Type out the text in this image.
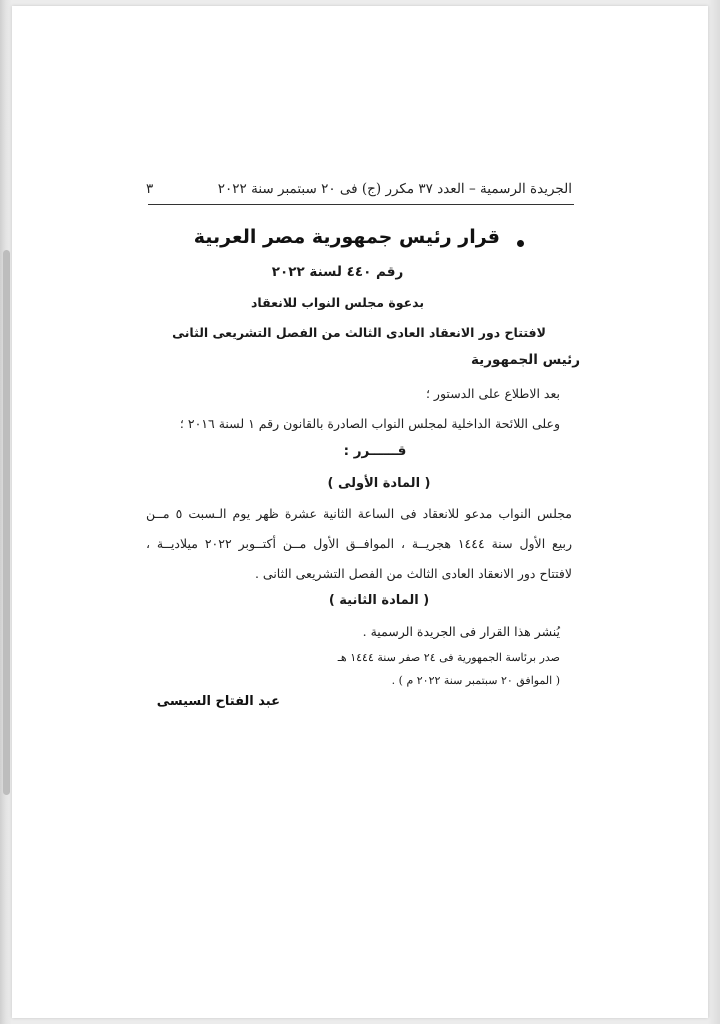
الجريدة الرسمية – العدد ٣٧ مكرر (ج) فى ٢٠ سبتمبر سنة ٢٠٢٢
٣
قرار رئيس جمهورية مصر العربية
رقم ٤٤٠ لسنة ٢٠٢٢
بدعوة مجلس النواب للانعقاد
لافتتاح دور الانعقاد العادى الثالث من الفصل التشريعى الثانى
رئيس الجمهورية
بعد الاطلاع على الدستور ؛
وعلى اللائحة الداخلية لمجلس النواب الصادرة بالقانون رقم ١ لسنة ٢٠١٦ ؛
قــــــرر :
( المادة الأولى )
مجلس النواب مدعو للانعقاد فى الساعة الثانية عشرة ظهر يوم الـسبت ٥ مــن
ربيع الأول سنة ١٤٤٤ هجريــة ، الموافــق الأول مــن أكتــوبر ٢٠٢٢ ميلاديــة ،
لافتتاح دور الانعقاد العادى الثالث من الفصل التشريعى الثانى .
( المادة الثانية )
يُنشر هذا القرار فى الجريدة الرسمية .
صدر برئاسة الجمهورية فى ٢٤ صفر سنة ١٤٤٤ هـ
( الموافق ٢٠ سبتمبر سنة ٢٠٢٢ م ) .
عبد الفتاح السيسى
